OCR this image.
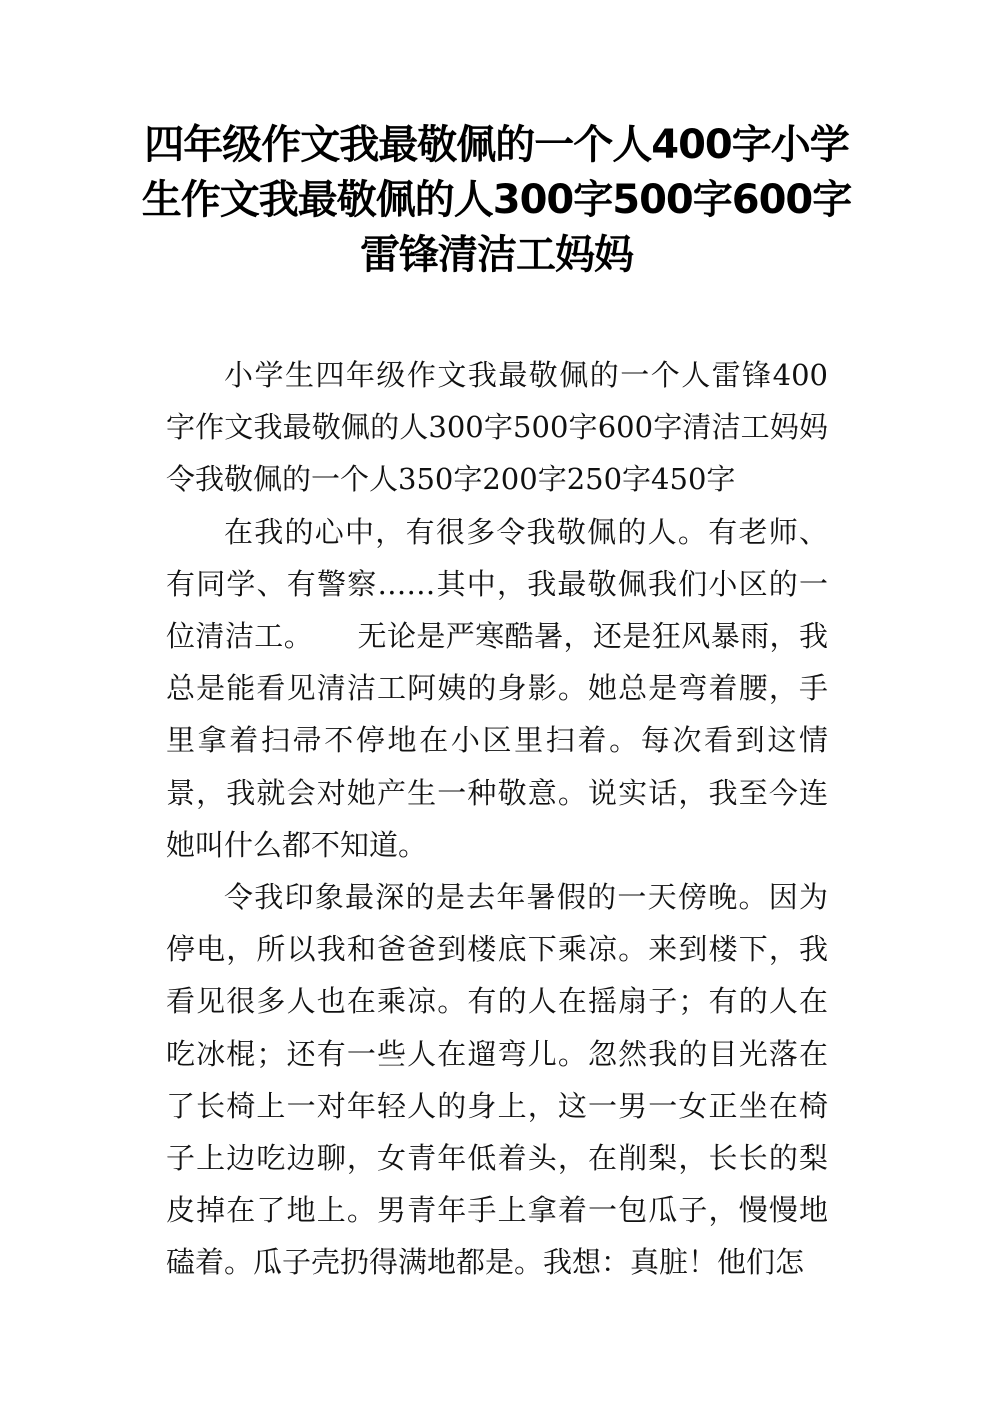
四年级作文我最敬佩的一个人400字小学生作文我最敬佩的人300字500字600字雷锋清洁工妈妈

小学生四年级作文我最敬佩的一个人雷锋400字作文我最敬佩的人300字500字600字清洁工妈妈令我敬佩的一个人350字200字250字450字

在我的心中，有很多令我敬佩的人。有老师、有同学、有警察……其中，我最敬佩我们小区的一位清洁工。　　无论是严寒酷暑，还是狂风暴雨，我总是能看见清洁工阿姨的身影。她总是弯着腰，手里拿着扫帚不停地在小区里扫着。每次看到这情景，我就会对她产生一种敬意。说实话，我至今连她叫什么都不知道。

令我印象最深的是去年暑假的一天傍晚。因为停电，所以我和爸爸到楼底下乘凉。来到楼下，我看见很多人也在乘凉。有的人在摇扇子；有的人在吃冰棍；还有一些人在遛弯儿。忽然我的目光落在了长椅上一对年轻人的身上，这一男一女正坐在椅子上边吃边聊，女青年低着头，在削梨，长长的梨皮掉在了地上。男青年手上拿着一包瓜子，慢慢地磕着。瓜子壳扔得满地都是。我想：真脏！他们怎
